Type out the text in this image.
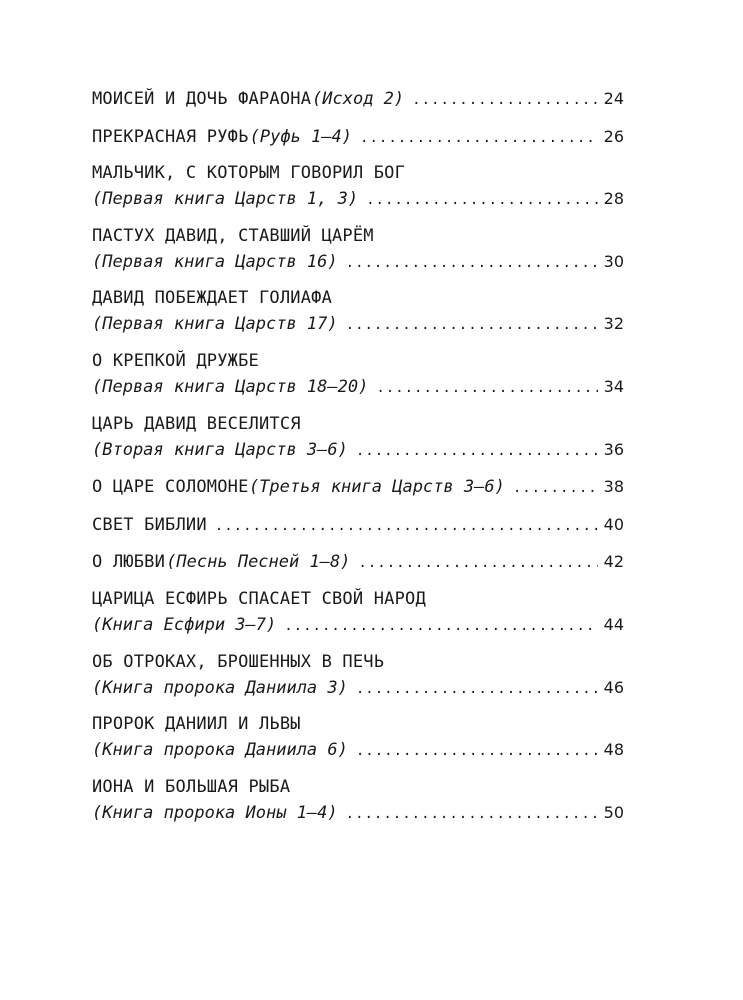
МОИСЕЙ И ДОЧЬ ФАРАОНА (Исход 2) .....	24
ПРЕКРАСНАЯ РУФЬ (Руфь 1–4) .....	26
МАЛЬЧИК, С КОТОРЫМ ГОВОРИЛ БОГ
(Первая книга Царств 1, 3) .....	28
ПАСТУХ ДАВИД, СТАВШИЙ ЦАРЁМ
(Первая книга Царств 16) .....	30
ДАВИД ПОБЕЖДАЕТ ГОЛИАФА
(Первая книга Царств 17) .....	32
О КРЕПКОЙ ДРУЖБЕ
(Первая книга Царств 18–20) .....	34
ЦАРЬ ДАВИД ВЕСЕЛИТСЯ
(Вторая книга Царств 3–6) .....	36
О ЦАРЕ СОЛОМОНЕ (Третья книга Царств 3–6) .....	38
СВЕТ БИБЛИИ .....	40
О ЛЮБВИ (Песнь Песней 1–8) .....	42
ЦАРИЦА ЕСФИРЬ СПАСАЕТ СВОЙ НАРОД
(Книга Есфири 3–7) .....	44
ОБ ОТРОКАХ, БРОШЕННЫХ В ПЕЧЬ
(Книга пророка Даниила 3) .....	46
ПРОРОК ДАНИИЛ И ЛЬВЫ
(Книга пророка Даниила 6) .....	48
ИОНА И БОЛЬШАЯ РЫБА
(Книга пророка Ионы 1–4) .....	50
